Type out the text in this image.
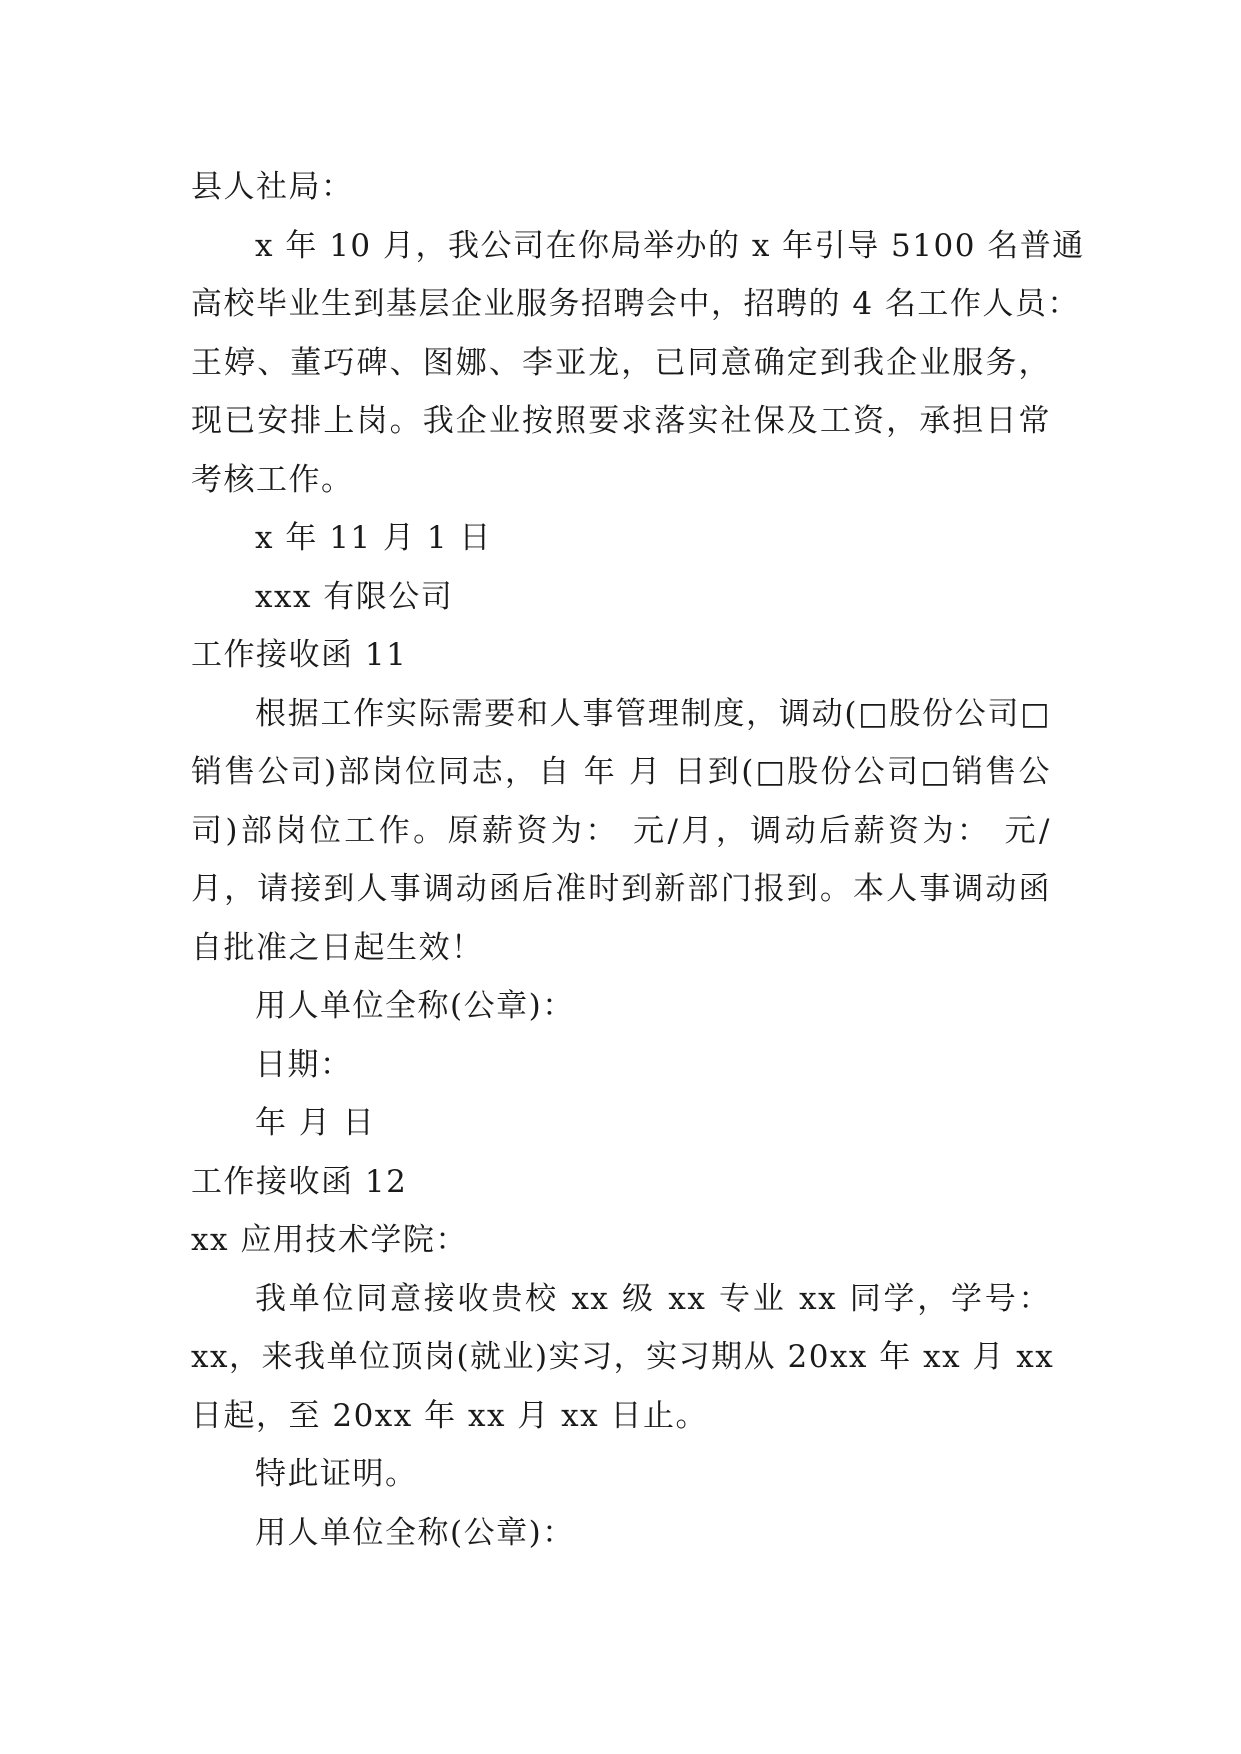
县人社局：
x 年 10 月，我公司在你局举办的 x 年引导 5100 名普通
高校毕业生到基层企业服务招聘会中，招聘的 4 名工作人员：
王婷、董巧碑、图娜、李亚龙，已同意确定到我企业服务，
现已安排上岗。我企业按照要求落实社保及工资，承担日常
考核工作。
x 年 11 月 1 日
xxx 有限公司
工作接收函 11
根据工作实际需要和人事管理制度，调动(□股份公司□
销售公司)部岗位同志，自 年 月 日到(□股份公司□销售公
司)部岗位工作。原薪资为： 元/月，调动后薪资为： 元/
月，请接到人事调动函后准时到新部门报到。本人事调动函
自批准之日起生效！
用人单位全称(公章)：
日期：
年 月 日
工作接收函 12
xx 应用技术学院：
我单位同意接收贵校 xx 级 xx 专业 xx 同学，学号：
xx，来我单位顶岗(就业)实习，实习期从 20xx 年 xx 月 xx
日起，至 20xx 年 xx 月 xx 日止。
特此证明。
用人单位全称(公章)：
